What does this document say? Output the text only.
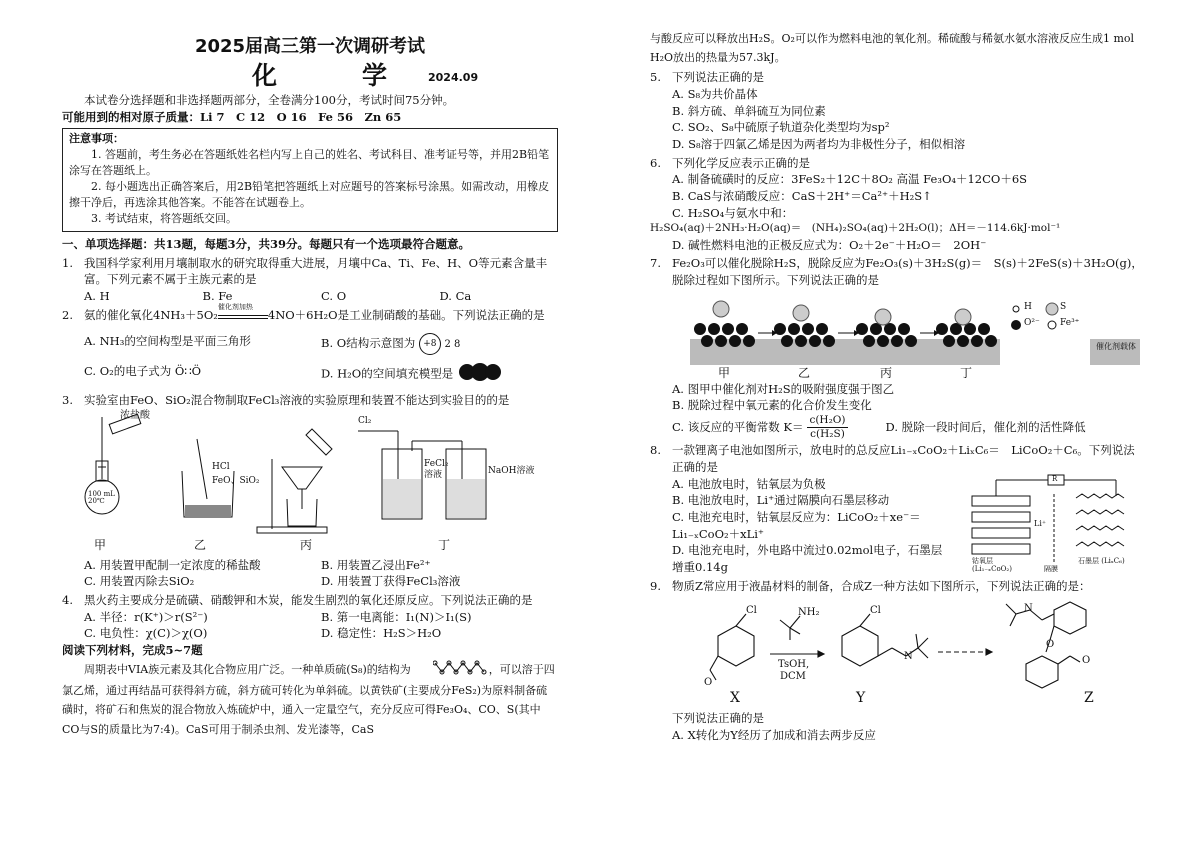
2025届高三第一次调研考试
化　学 2024.09

本试卷分选择题和非选择题两部分，全卷满分100分，考试时间75分钟。

可能用到的相对原子质量：Li 7　C 12　O 16　Fe 56　Zn 65

注意事项：

1. 答题前，考生务必在答题纸姓名栏内写上自己的姓名、考试科目、准考证号等，并用2B铅笔涂写在答题纸上。

2. 每小题选出正确答案后，用2B铅笔把答题纸上对应题号的答案标号涂黑。如需改动，用橡皮擦干净后，再选涂其他答案。不能答在试题卷上。

3. 考试结束，将答题纸交回。

一、单项选择题：共13题，每题3分，共39分。每题只有一个选项最符合题意。

1. 我国科学家利用月壤制取水的研究取得重大进展，月壤中Ca、Ti、Fe、H、O等元素含量丰富。下列元素不属于主族元素的是
A. H	B. Fe	C. O	D. Ca
2. 氨的催化氧化4NH₃＋5O₂
催化剂加热
4NO＋6H₂O是工业制硝酸的基础。下列说法正确的是
A. NH₃的空间构型是平面三角形	B. O结构示意图为 +8 2 8
C. O₂的电子式为 Ö∷Ö	D. H₂O的空间填充模型是
3. 实验室由FeO、SiO₂混合物制取FeCl₃溶液的实验原理和装置不能达到实验目的的是
浓盐酸
100 mL 20℃
HCl
FeO、SiO₂
Cl₂
FeCl₂ 溶液	NaOH溶液
甲	乙	丙	丁
A. 用装置甲配制一定浓度的稀盐酸	B. 用装置乙浸出Fe²⁺
C. 用装置丙除去SiO₂	D. 用装置丁获得FeCl₃溶液
4. 黑火药主要成分是硫磺、硝酸钾和木炭，能发生剧烈的氧化还原反应。下列说法正确的是
A. 半径：r(K⁺)＞r(S²⁻)	B. 第一电离能：I₁(N)＞I₁(S)
C. 电负性：χ(C)＞χ(O)	D. 稳定性：H₂S＞H₂O

阅读下列材料，完成5~7题

周期表中VIA族元素及其化合物应用广泛。一种单质硫(S₈)的结构为	，可以溶于四氯乙烯，通过再结晶可获得斜方硫，斜方硫可转化为单斜硫。以黄铁矿(主要成分FeS₂)为原料制备硫磺时，将矿石和焦炭的混合物放入炼硫炉中，通入一定量空气，充分反应可得Fe₃O₄、CO、S(其中CO与S的质量比为7:4)。CaS可用于制杀虫剂、发光漆等，CaS

与酸反应可以释放出H₂S。O₂可以作为燃料电池的氧化剂。稀硫酸与稀氨水氨水溶液反应生成1 mol H₂O放出的热量为57.3kJ。

5. 下列说法正确的是
A. S₈为共价晶体
B. 斜方硫、单斜硫互为同位素
C. SO₂、S₈中硫原子轨道杂化类型均为sp²
D. S₈溶于四氯乙烯是因为两者均为非极性分子，相似相溶
6. 下列化学反应表示正确的是
A. 制备硫磺时的反应：3FeS₂＋12C＋8O₂ 高温 Fe₃O₄＋12CO＋6S
B. CaS与浓硝酸反应：CaS＋2H⁺＝Ca²⁺＋H₂S↑
C. H₂SO₄与氨水中和：
H₂SO₄(aq)＋2NH₃·H₂O(aq)＝　(NH₄)₂SO₄(aq)＋2H₂O(l)；ΔH＝－114.6kJ·mol⁻¹
D. 碱性燃料电池的正极反应式为：O₂＋2e⁻＋H₂O＝　2OH⁻
7. Fe₂O₃可以催化脱除H₂S，脱除反应为Fe₂O₃(s)＋3H₂S(g)＝　S(s)＋2FeS(s)＋3H₂O(g)，脱除过程如下图所示。下列说法正确的是
甲	乙	丙	丁
H
O²⁻
S
Fe³⁺
催化剂载体
A. 图甲中催化剂对H₂S的吸附强度强于图乙
B. 脱除过程中氧元素的化合价发生变化
C. 该反应的平衡常数 $K= \frac{\text{c(H₂O)}}{\text{c(H₂S)}}$	D. 脱除一段时间后，催化剂的活性降低
8. 一款锂离子电池如图所示，放电时的总反应Li₁₋ₓCoO₂＋LiₓC₆＝　LiCoO₂＋C₆。下列说法正确的是
A. 电池放电时，钴氧层为负极
B. 电池放电时，Li⁺通过隔膜向石墨层移动
C. 电池充电时，钴氧层反应为：LiCoO₂＋xe⁻＝Li₁₋ₓCoO₂＋xLi⁺
D. 电池充电时，外电路中流过0.02mol电子，石墨层增重0.14g
R
Li⁺
钴氧层 (Li₁₋ₓCoO₂)	隔膜
石墨层 (LiₓC₆)
9. 物质Z常应用于液晶材料的制备，合成Z一种方法如下图所示，下列说法正确的是：
Cl
O
NH₂
TsOH,
DCM
Cl
N
N
O
O
X	Y	Z
下列说法正确的是
A. X转化为Y经历了加成和消去两步反应
